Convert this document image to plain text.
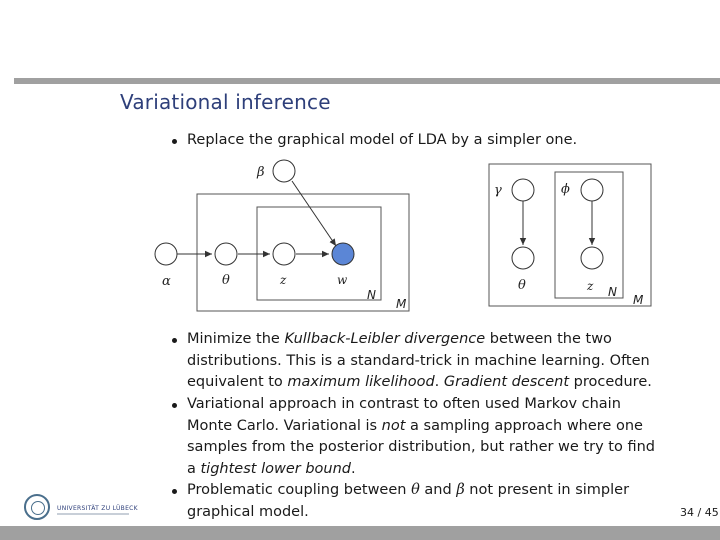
Variational inference
β
α	θ	z	w
N
M
γ
θ
ϕ
z N
M
Replace the graphical model of LDA by a simpler one.
Minimize the Kullback-Leibler divergence between the two distributions. This is a standard-trick in machine learning. Often equivalent to maximum likelihood. Gradient descent procedure.
Variational approach in contrast to often used Markov chain Monte Carlo. Variational is not a sampling approach where one samples from the posterior distribution, but rather we try to find a tightest lower bound.
Problematic coupling between θ and β not present in simpler graphical model.
UNIVERSITÄT ZU LÜBECK	34 / 45
